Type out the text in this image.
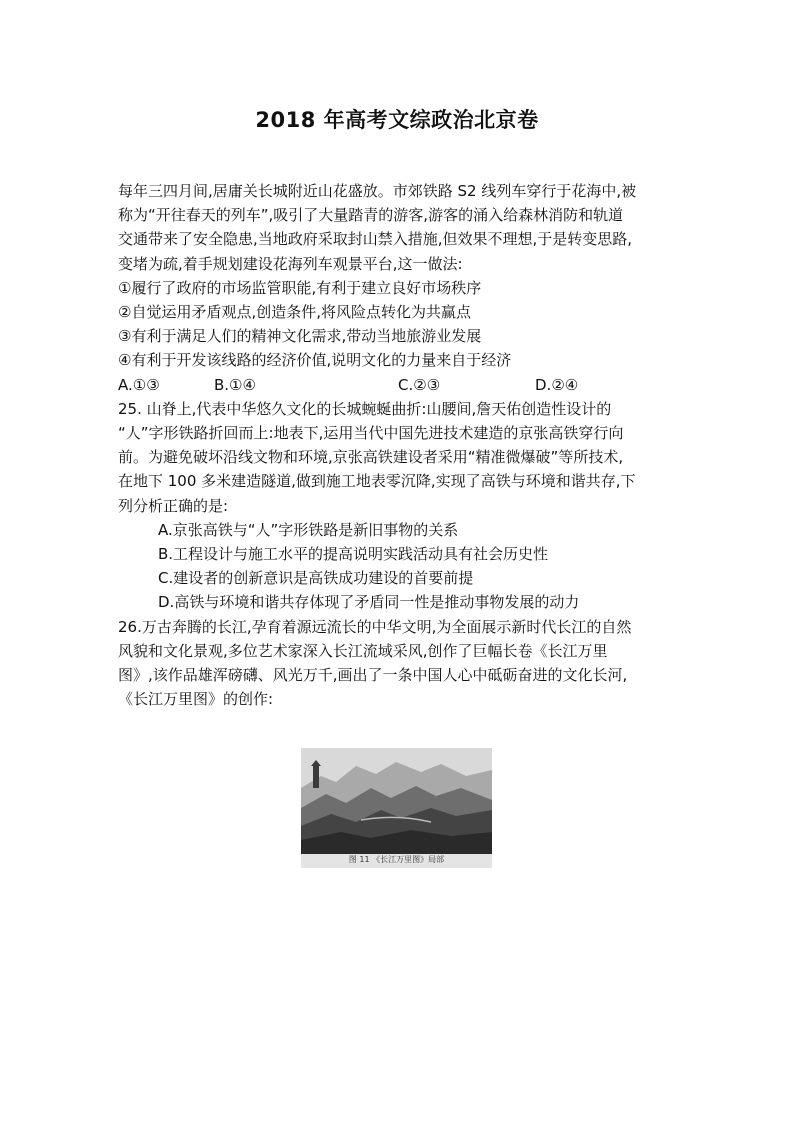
2018 年高考文综政治北京卷
每年三四月间,居庸关长城附近山花盛放。市郊铁路 S2 线列车穿行于花海中,被
称为“开往春天的列车”,吸引了大量踏青的游客,游客的涌入给森林消防和轨道
交通带来了安全隐患,当地政府采取封山禁入措施,但效果不理想,于是转变思路,
变堵为疏,着手规划建设花海列车观景平台,这一做法:
①履行了政府的市场监管职能,有利于建立良好市场秩序
②自觉运用矛盾观点,创造条件,将风险点转化为共赢点
③有利于满足人们的精神文化需求,带动当地旅游业发展
④有利于开发该线路的经济价值,说明文化的力量来自于经济
A.①③	B.①④	C.②③	D.②④
25. 山脊上,代表中华悠久文化的长城蜿蜒曲折:山腰间,詹天佑创造性设计的
“人”字形铁路折回而上:地表下,运用当代中国先进技术建造的京张高铁穿行向
前。为避免破坏沿线文物和环境,京张高铁建设者采用“精准微爆破”等所技术,
在地下 100 多米建造隧道,做到施工地表零沉降,实现了高铁与环境和谐共存,下
列分析正确的是:
A.京张高铁与“人”字形铁路是新旧事物的关系
B.工程设计与施工水平的提高说明实践活动具有社会历史性
C.建设者的创新意识是高铁成功建设的首要前提
D.高铁与环境和谐共存体现了矛盾同一性是推动事物发展的动力
26.万古奔腾的长江,孕育着源远流长的中华文明,为全面展示新时代长江的自然
风貌和文化景观,多位艺术家深入长江流域采风,创作了巨幅长卷《长江万里
图》,该作品雄浑磅礴、风光万千,画出了一条中国人心中砥砺奋进的文化长河,
《长江万里图》的创作:
图 11 《长江万里图》局部
